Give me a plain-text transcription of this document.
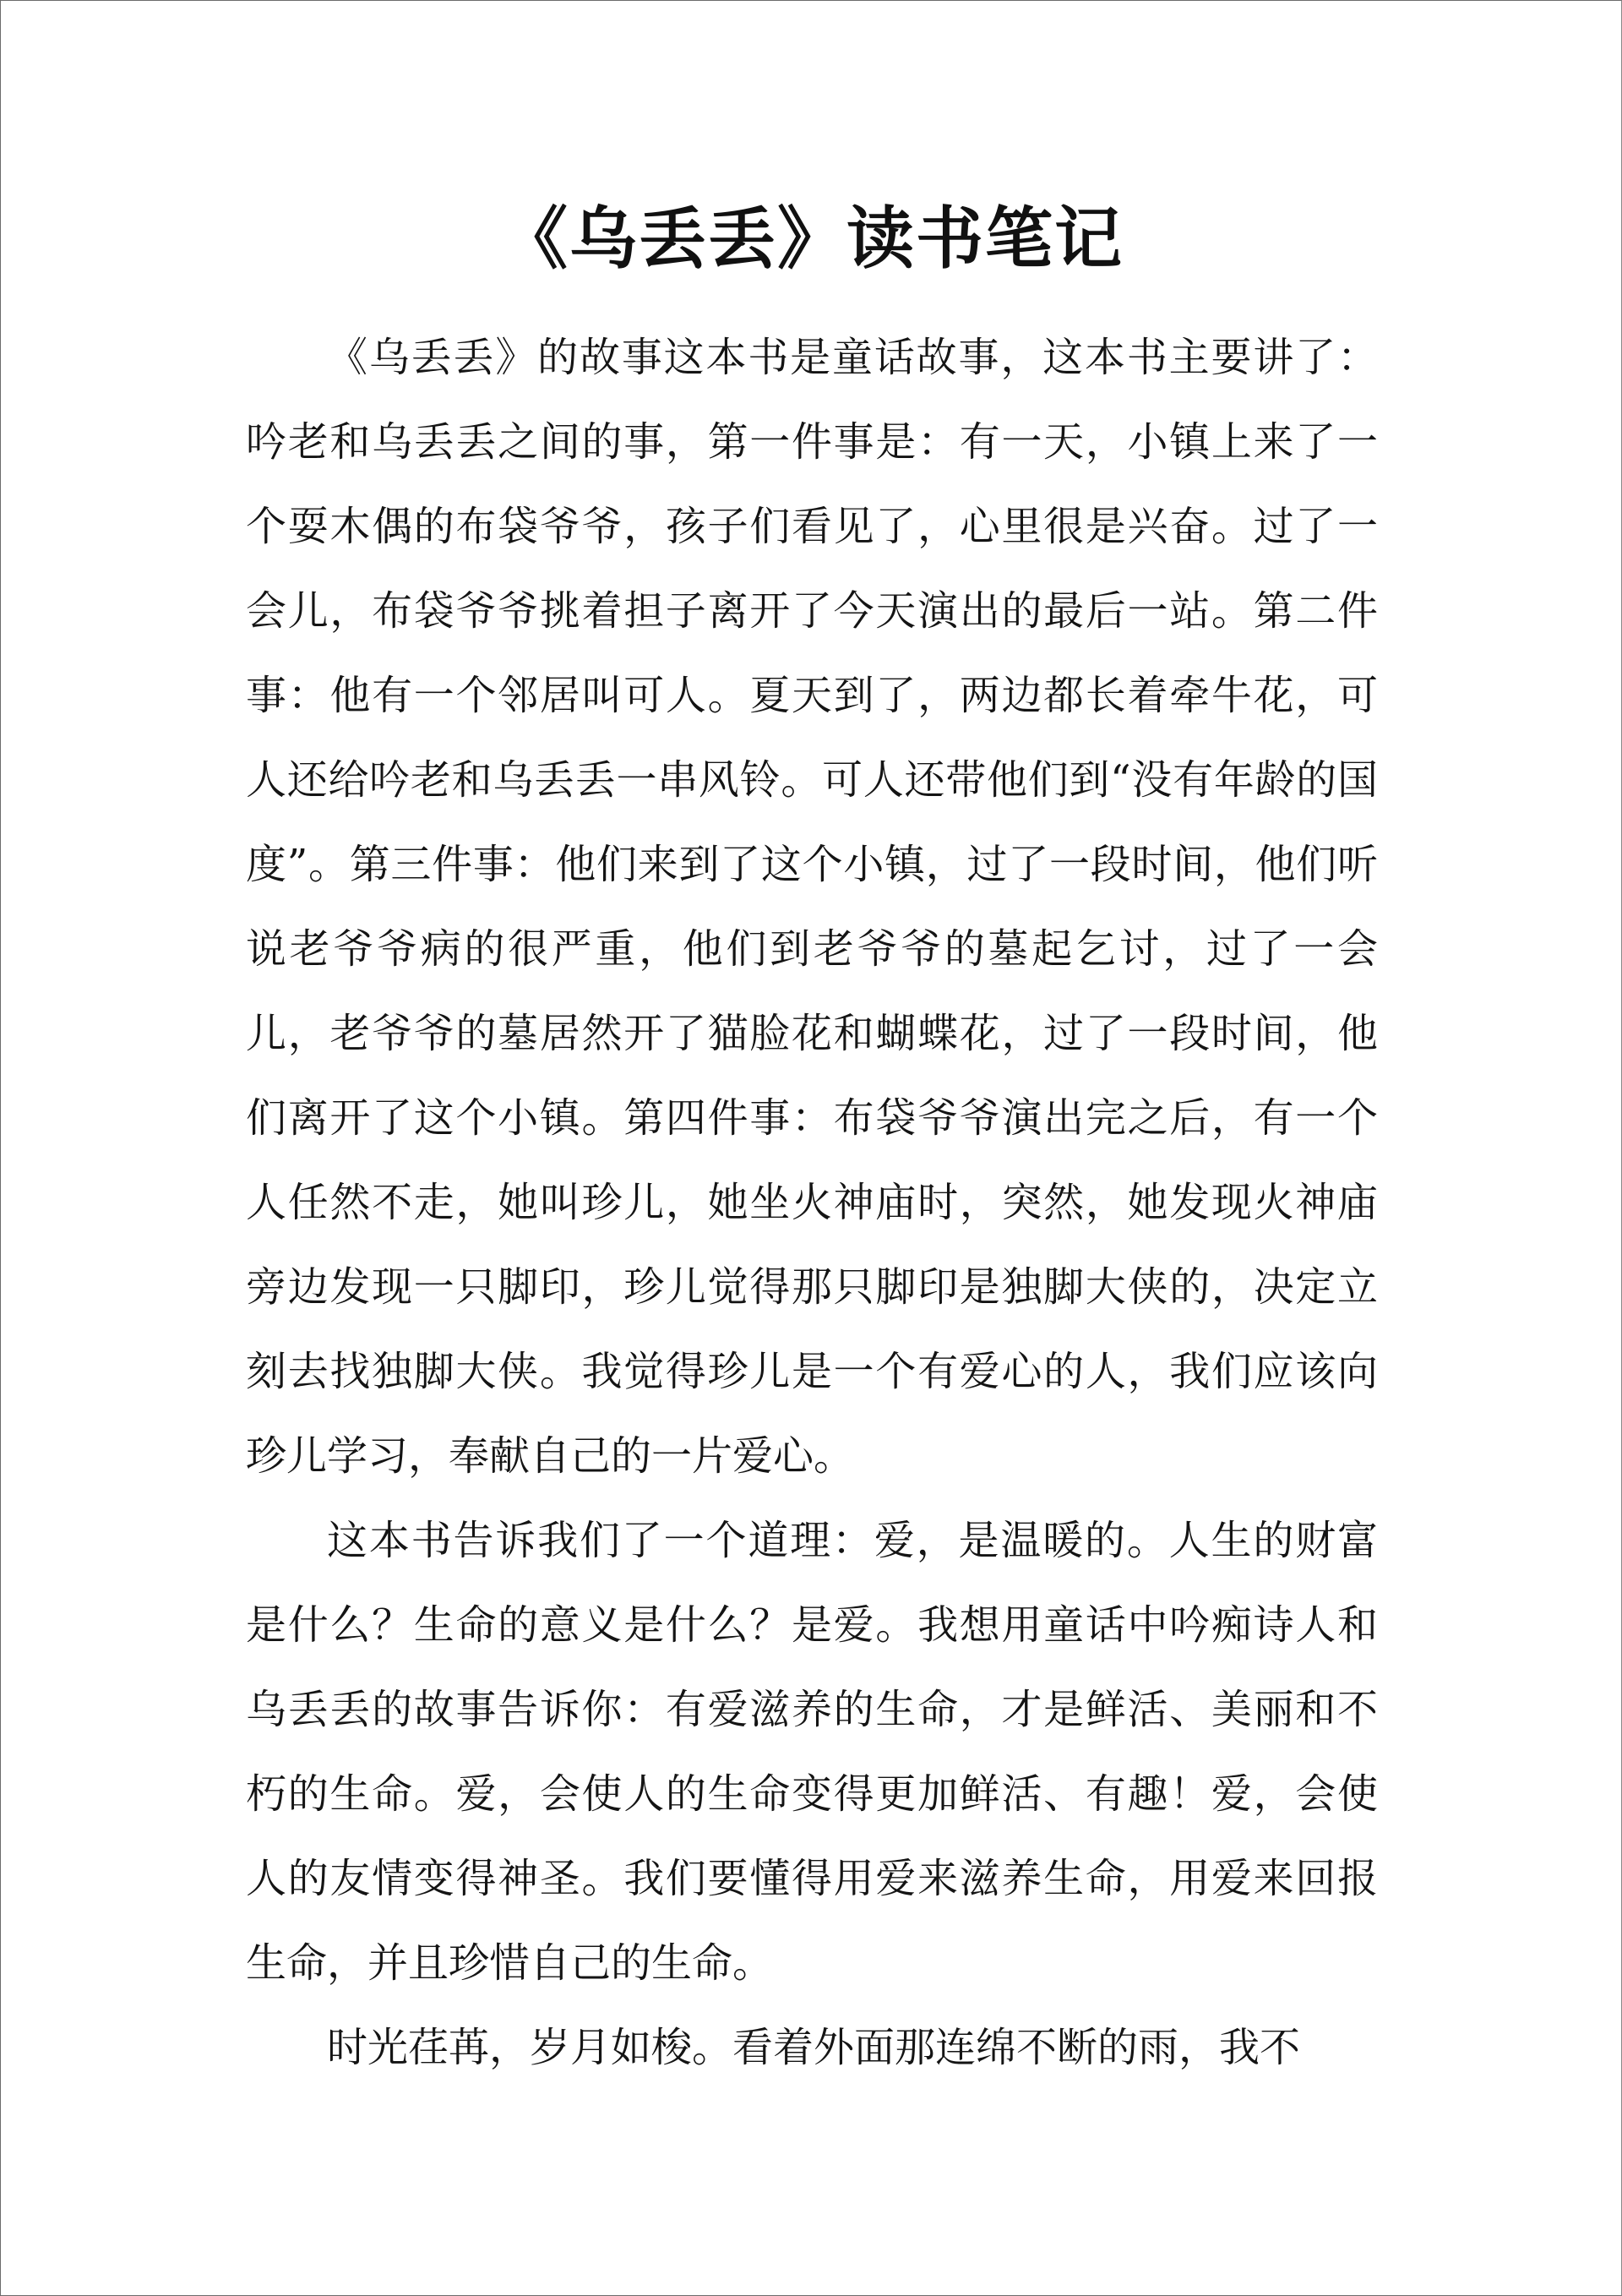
《乌丢丢》读书笔记

《乌丢丢》的故事这本书是童话故事，这本书主要讲了：吟老和乌丢丢之间的事，第一件事是：有一天，小镇上来了一个耍木偶的布袋爷爷，孩子们看见了，心里很是兴奋。过了一会儿，布袋爷爷挑着担子离开了今天演出的最后一站。第二件事：他有一个邻居叫可人。夏天到了，两边都长着牵牛花，可人还给吟老和乌丢丢一串风铃。可人还带他们到“没有年龄的国度”。第三件事：他们来到了这个小镇，过了一段时间，他们听说老爷爷病的很严重，他们到老爷爷的墓起乞讨，过了一会儿，老爷爷的墓居然开了猫脸花和蝴蝶花，过了一段时间，他们离开了这个小镇。第四件事：布袋爷爷演出完之后，有一个人任然不走，她叫珍儿，她坐火神庙时，突然，她发现火神庙旁边发现一只脚印，珍儿觉得那只脚印是独脚大侠的，决定立刻去找独脚大侠。我觉得珍儿是一个有爱心的人，我们应该向珍儿学习，奉献自己的一片爱心。

这本书告诉我们了一个道理：爱，是温暖的。人生的财富是什么？生命的意义是什么？是爱。我想用童话中吟痴诗人和乌丢丢的故事告诉你：有爱滋养的生命，才是鲜活、美丽和不朽的生命。爱，会使人的生命变得更加鲜活、有趣！爱，会使人的友情变得神圣。我们要懂得用爱来滋养生命，用爱来回报生命，并且珍惜自己的生命。

时光荏苒，岁月如梭。看着外面那连绵不断的雨，我不
